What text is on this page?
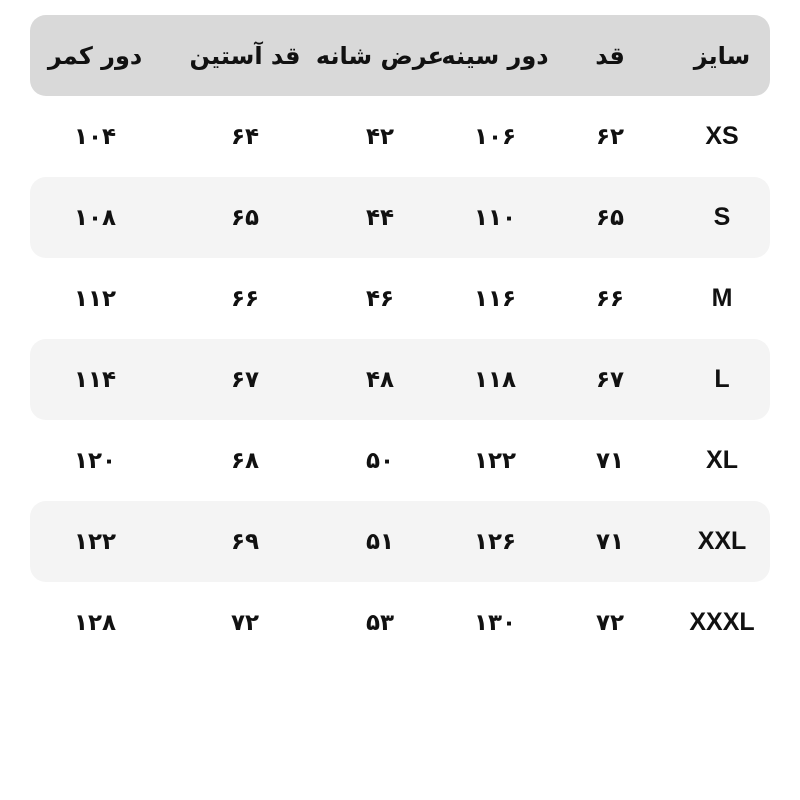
سایز
قد
دور سینه
عرض شانه
قد آستین
دور کمر
XS
۶۲
۱۰۶
۴۲
۶۴
۱۰۴
S
۶۵
۱۱۰
۴۴
۶۵
۱۰۸
M
۶۶
۱۱۶
۴۶
۶۶
۱۱۲
L
۶۷
۱۱۸
۴۸
۶۷
۱۱۴
XL
۷۱
۱۲۲
۵۰
۶۸
۱۲۰
XXL
۷۱
۱۲۶
۵۱
۶۹
۱۲۲
XXXL
۷۲
۱۳۰
۵۳
۷۲
۱۲۸
